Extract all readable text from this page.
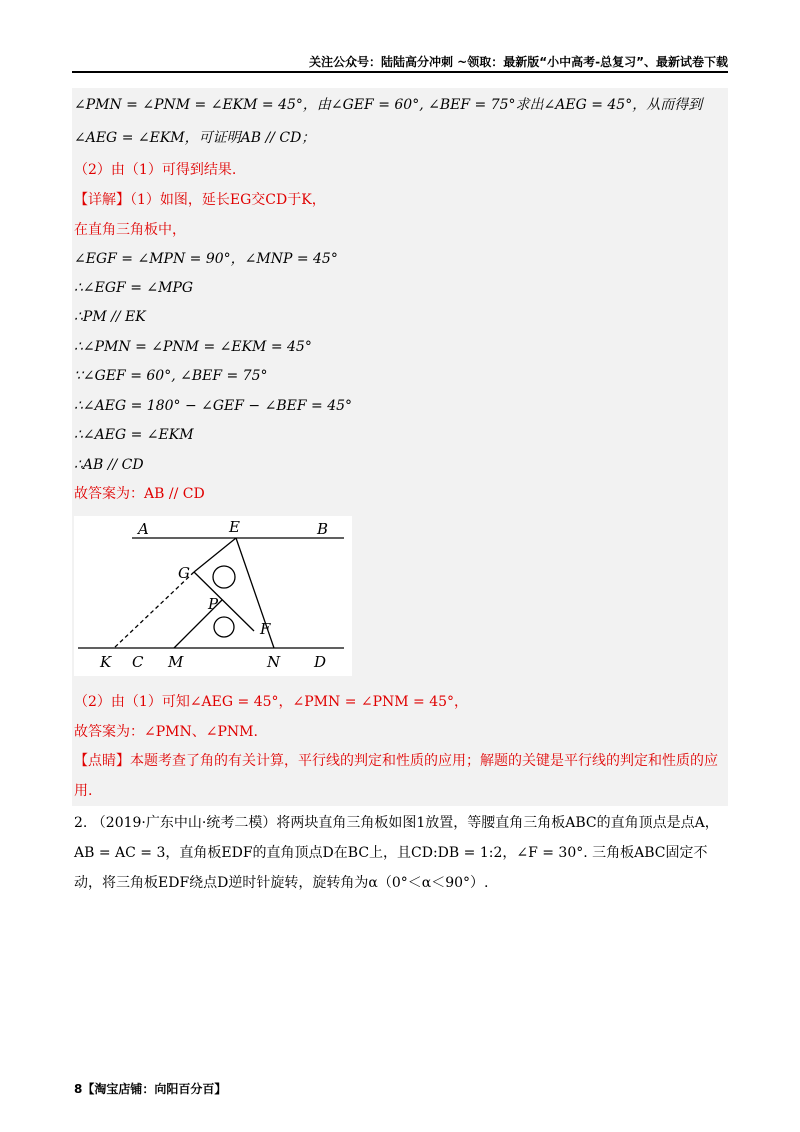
关注公众号：陆陆高分冲刺 ~领取：最新版“小中高考-总复习”、最新试卷下载
∠PMN = ∠PNM = ∠EKM = 45°，由∠GEF = 60°, ∠BEF = 75°求出∠AEG = 45°，从而得到
∠AEG = ∠EKM，可证明AB // CD；
（2）由（1）可得到结果.
【详解】（1）如图，延长EG交CD于K，
在直角三角板中，
∠EGF = ∠MPN = 90°，∠MNP = 45°
∴∠EGF = ∠MPG
∴PM // EK
∴∠PMN = ∠PNM = ∠EKM = 45°
∵∠GEF = 60°, ∠BEF = 75°
∴∠AEG = 180° − ∠GEF − ∠BEF = 45°
∴∠AEG = ∠EKM
∴AB // CD
故答案为：AB // CD
A	E	B
G
P
F
K C M	N D
（2）由（1）可知∠AEG = 45°，∠PMN = ∠PNM = 45°，
故答案为：∠PMN、∠PNM.
【点睛】本题考查了角的有关计算，平行线的判定和性质的应用；解题的关键是平行线的判定和性质的应用.
2. （2019·广东中山·统考二模）将两块直角三角板如图1放置，等腰直角三角板ABC的直角顶点是点A，AB = AC = 3，直角板EDF的直角顶点D在BC上，且CD:DB = 1:2，∠F = 30°. 三角板ABC固定不动，将三角板EDF绕点D逆时针旋转，旋转角为α（0°＜α＜90°）.
8【淘宝店铺：向阳百分百】
